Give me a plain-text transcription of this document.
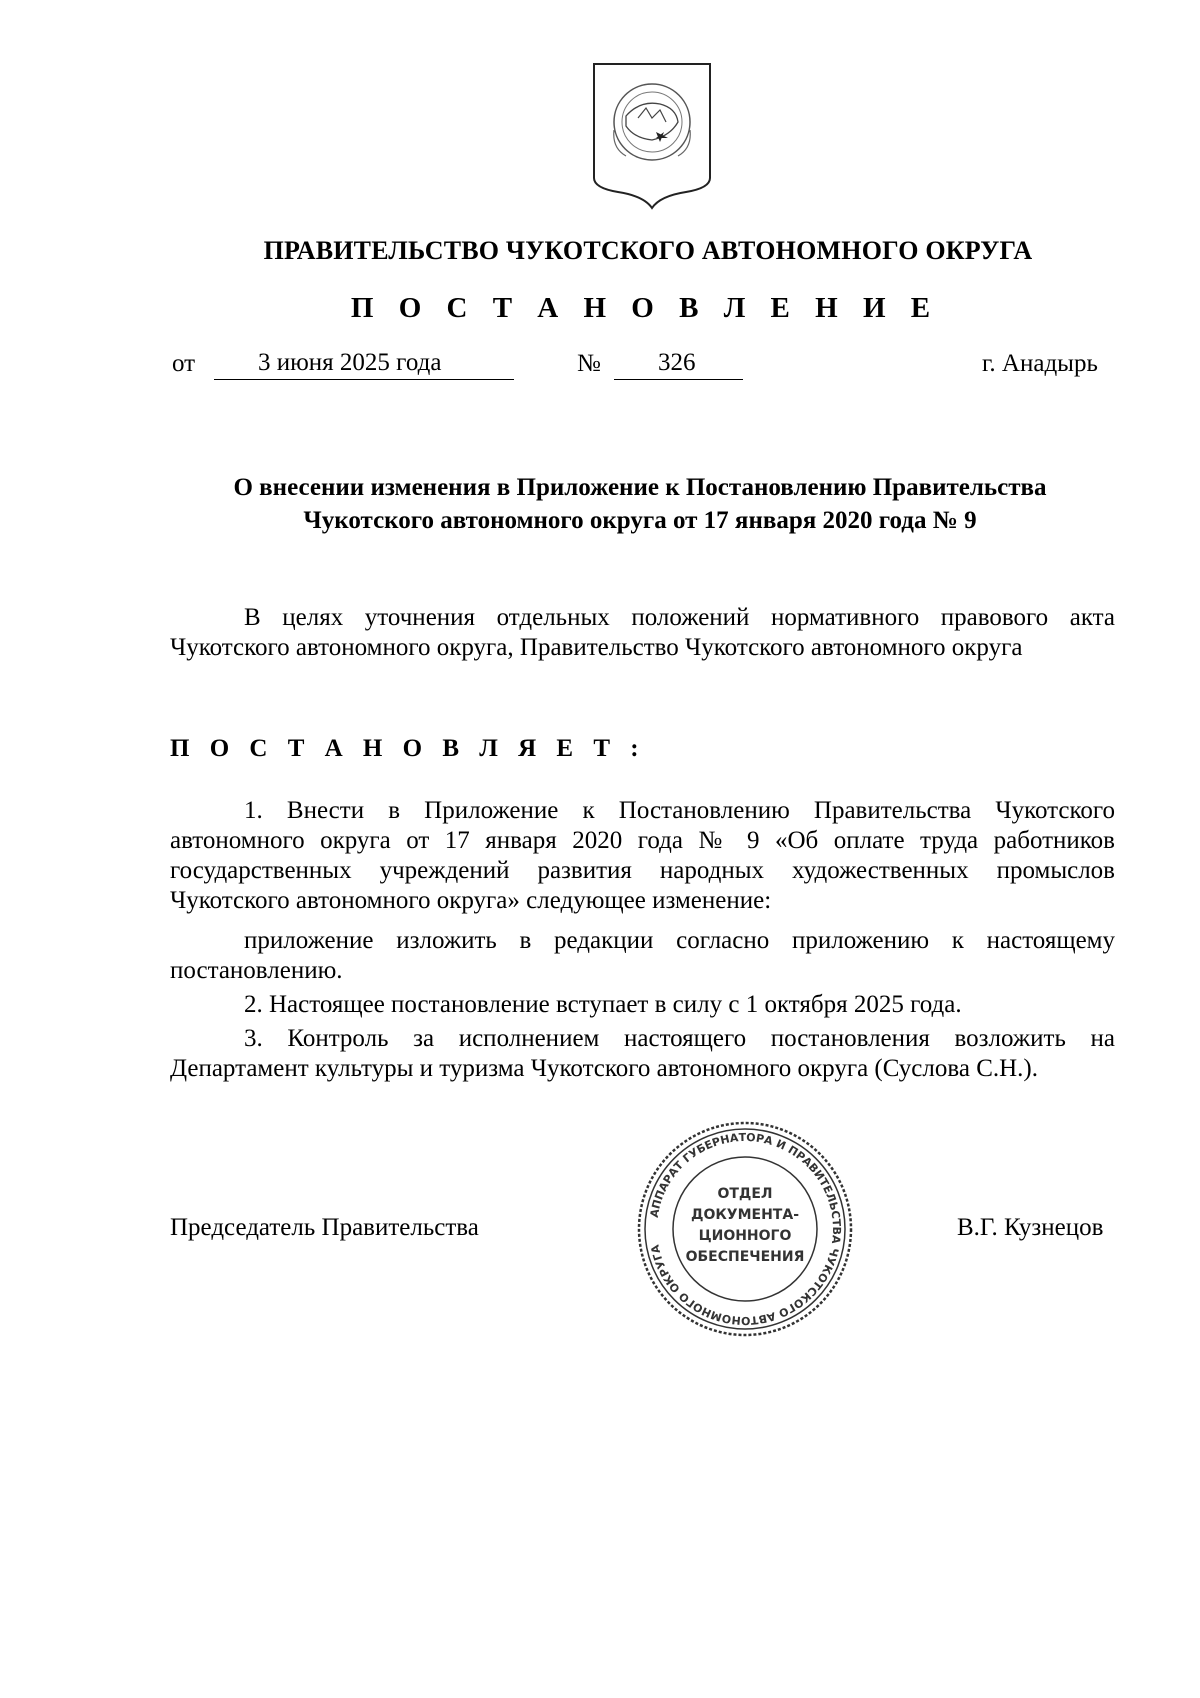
ПРАВИТЕЛЬСТВО ЧУКОТСКОГО АВТОНОМНОГО ОКРУГА
П О С Т А Н О В Л Е Н И Е
от	3 июня 2025 года	№ 326	г. Анадырь
О внесении изменения в Приложение к Постановлению Правительства
Чукотского автономного округа от 17 января 2020 года № 9

В целях уточнения отдельных положений нормативного правового акта Чукотского автономного округа, Правительство Чукотского автономного округа

П О С Т А Н О В Л Я Е Т :

1. Внести в Приложение к Постановлению Правительства Чукотского автономного округа от 17 января 2020 года № 9 «Об оплате труда работников государственных учреждений развития народных художественных промыслов Чукотского автономного округа» следующее изменение:

приложение изложить в редакции согласно приложению к настоящему постановлению.

2. Настоящее постановление вступает в силу с 1 октября 2025 года.

3. Контроль за исполнением настоящего постановления возложить на Департамент культуры и туризма Чукотского автономного округа (Суслова С.Н.).

Председатель Правительства	В.Г. Кузнецов
АППАРАТ ГУБЕРНАТОРА И ПРАВИТЕЛЬСТВА ЧУКОТСКОГО АВТОНОМНОГО ОКРУГА
ОТДЕЛ
ДОКУМЕНТА-
ЦИОННОГО
ОБЕСПЕЧЕНИЯ
